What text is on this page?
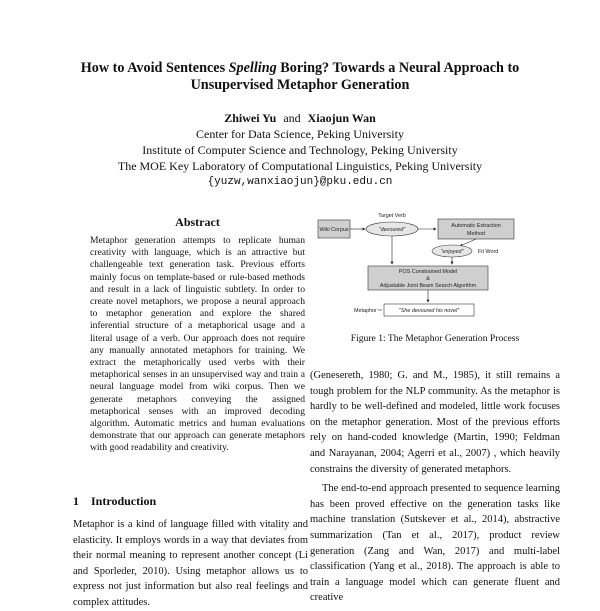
How to Avoid Sentences Spelling Boring? Towards a Neural Approach to
Unsupervised Metaphor Generation
Zhiwei Yu and Xiaojun Wan
Center for Data Science, Peking University
Institute of Computer Science and Technology, Peking University
The MOE Key Laboratory of Computational Linguistics, Peking University
{yuzw,wanxiaojun}@pku.edu.cn
Abstract
Metaphor generation attempts to replicate human creativity with language, which is an attractive but challengeable text generation task. Previous efforts mainly focus on template-based or rule-based methods and result in a lack of linguistic subtlety. In order to create novel metaphors, we propose a neural approach to metaphor generation and explore the shared inferential structure of a metaphorical usage and a literal usage of a verb. Our approach does not require any manually annotated metaphors for training. We extract the metaphorically used verbs with their metaphorical senses in an unsupervised way and train a neural language model from wiki corpus. Then we generate metaphors conveying the assigned metaphorical senses with an improved decoding algorithm. Automatic metrics and human evaluations demonstrate that our approach can generate metaphors with good readability and creativity.
1 Introduction
Metaphor is a kind of language filled with vitality and elasticity. It employs words in a way that deviates from their normal meaning to represent another concept (Li and Sporleder, 2010). Using metaphor allows us to express not just information but also real feelings and complex attitudes.
Wiki Corpus
Target Verb
"devoured"
Automatic Extraction
Method
"enjoyed"	Fit Word
POS Constrained Model
&
Adjustable Joint Beam Search Algorithm
Metaphor	"She devoured his novel"
Figure 1: The Metaphor Generation Process

(Genesereth, 1980; G. and M., 1985), it still remains a tough problem for the NLP community. As the metaphor is hardly to be well-defined and modeled, little work focuses on the metaphor generation. Most of the previous efforts rely on hand-coded knowledge (Martin, 1990; Feldman and Narayanan, 2004; Agerri et al., 2007) , which heavily constrains the diversity of generated metaphors.

The end-to-end approach presented to sequence learning has been proved effective on the generation tasks like machine translation (Sutskever et al., 2014), abstractive summarization (Tan et al., 2017), product review generation (Zang and Wan, 2017) and multi-label classification (Yang et al., 2018). The approach is able to train a language model which can generate fluent and creative
